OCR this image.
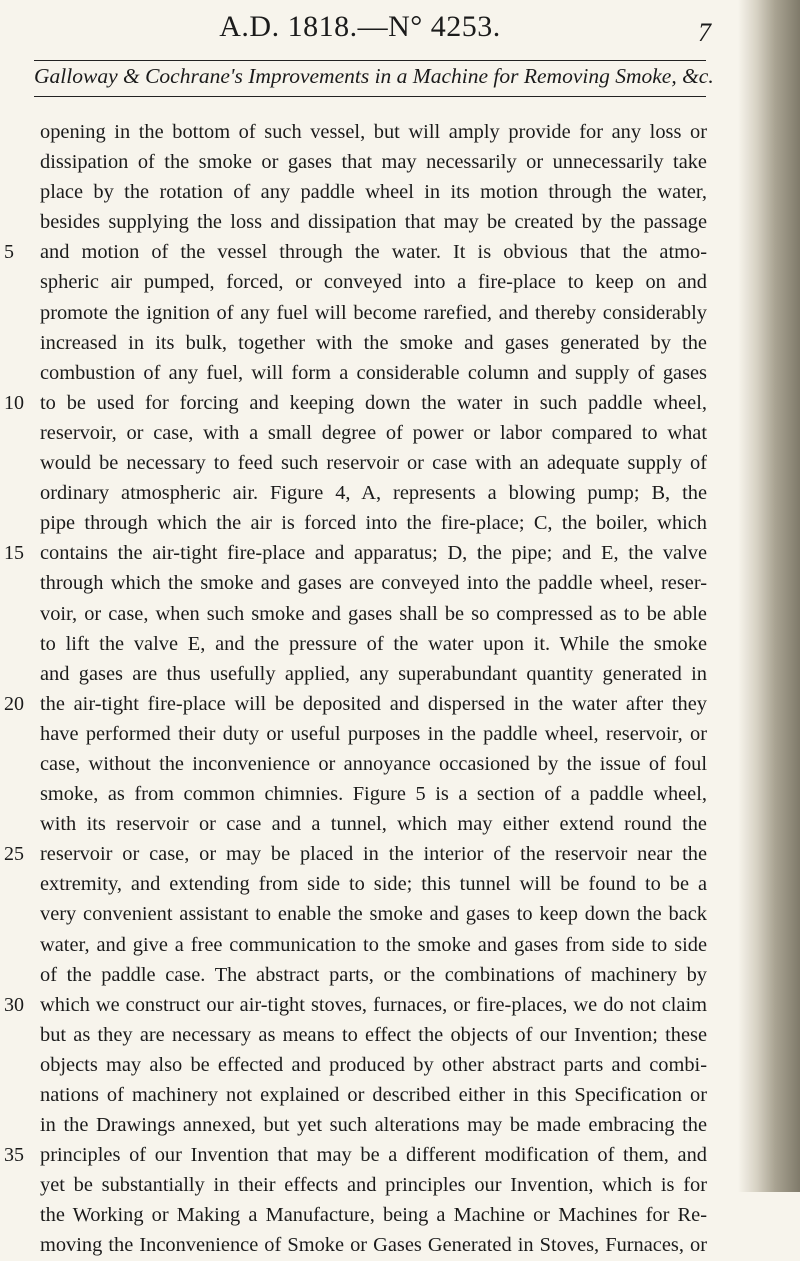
A.D. 1818.—N° 4253.	7
Galloway & Cochrane's Improvements in a Machine for Removing Smoke, &c.
opening in the bottom of such vessel, but will amply provide for any loss or
dissipation of the smoke or gases that may necessarily or unnecessarily take
place by the rotation of any paddle wheel in its motion through the water,
besides supplying the loss and dissipation that may be created by the passage
5	and motion of the vessel through the water. It is obvious that the atmo-
spheric air pumped, forced, or conveyed into a fire-place to keep on and
promote the ignition of any fuel will become rarefied, and thereby considerably
increased in its bulk, together with the smoke and gases generated by the
combustion of any fuel, will form a considerable column and supply of gases
10 to be used for forcing and keeping down the water in such paddle wheel,
reservoir, or case, with a small degree of power or labor compared to what
would be necessary to feed such reservoir or case with an adequate supply of
ordinary atmospheric air. Figure 4, A, represents a blowing pump; B, the
pipe through which the air is forced into the fire-place; C, the boiler, which
15 contains the air-tight fire-place and apparatus; D, the pipe; and E, the valve
through which the smoke and gases are conveyed into the paddle wheel, reser-
voir, or case, when such smoke and gases shall be so compressed as to be able
to lift the valve E, and the pressure of the water upon it. While the smoke
and gases are thus usefully applied, any superabundant quantity generated in
20 the air-tight fire-place will be deposited and dispersed in the water after they
have performed their duty or useful purposes in the paddle wheel, reservoir, or
case, without the inconvenience or annoyance occasioned by the issue of foul
smoke, as from common chimnies. Figure 5 is a section of a paddle wheel,
with its reservoir or case and a tunnel, which may either extend round the
25 reservoir or case, or may be placed in the interior of the reservoir near the
extremity, and extending from side to side; this tunnel will be found to be a
very convenient assistant to enable the smoke and gases to keep down the back
water, and give a free communication to the smoke and gases from side to side
of the paddle case. The abstract parts, or the combinations of machinery by
30 which we construct our air-tight stoves, furnaces, or fire-places, we do not claim
but as they are necessary as means to effect the objects of our Invention; these
objects may also be effected and produced by other abstract parts and combi-
nations of machinery not explained or described either in this Specification or
in the Drawings annexed, but yet such alterations may be made embracing the
35 principles of our Invention that may be a different modification of them, and
yet be substantially in their effects and principles our Invention, which is for
the Working or Making a Manufacture, being a Machine or Machines for Re-
moving the Inconvenience of Smoke or Gases Generated in Stoves, Furnaces, or
